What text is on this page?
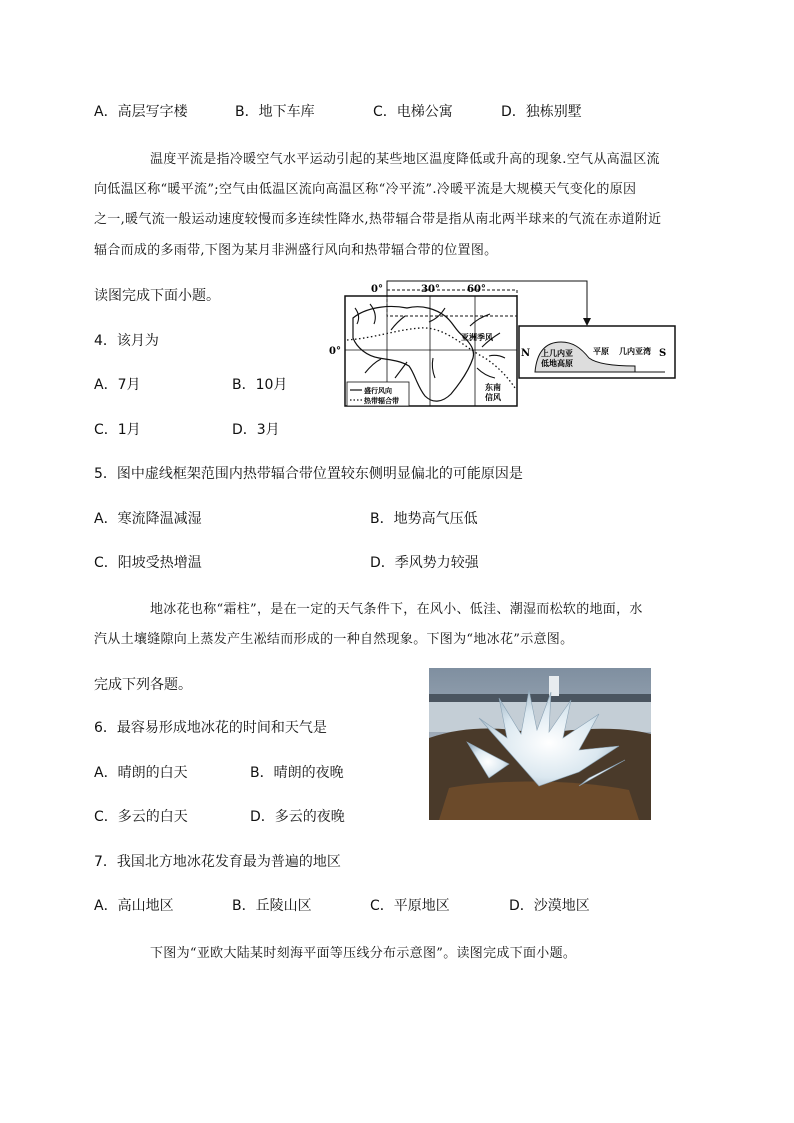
A．高层写字楼	B．地下车库	C．电梯公寓	D．独栋别墅
温度平流是指冷暖空气水平运动引起的某些地区温度降低或升高的现象.空气从高温区流
向低温区称“暖平流”;空气由低温区流向高温区称“冷平流”.冷暖平流是大规模天气变化的原因
之一,暖气流一般运动速度较慢而多连续性降水,热带辐合带是指从南北两半球来的气流在赤道附近
辐合而成的多雨带,下图为某月非洲盛行风向和热带辐合带的位置图。
读图完成下面小题。
盛行风向
热带辐合带
0°	30°	60°
0°
亚洲季风
东南
信风
N	S
上几内亚
低地高原
平原 几内亚湾
4．该月为
A．7月	B．10月
C．1月	D．3月
5．图中虚线框架范围内热带辐合带位置较东侧明显偏北的可能原因是
A．寒流降温减湿	B．地势高气压低
C．阳坡受热增温	D．季风势力较强
地冰花也称“霜柱”，是在一定的天气条件下，在风小、低洼、潮湿而松软的地面，水
汽从土壤缝隙向上蒸发产生凇结而形成的一种自然现象。下图为“地冰花”示意图。
完成下列各题。
6．最容易形成地冰花的时间和天气是
A．晴朗的白天	B．晴朗的夜晚
C．多云的白天	D．多云的夜晚
7．我国北方地冰花发育最为普遍的地区
A．高山地区	B．丘陵山区	C．平原地区	D．沙漠地区
下图为“亚欧大陆某时刻海平面等压线分布示意图”。读图完成下面小题。
